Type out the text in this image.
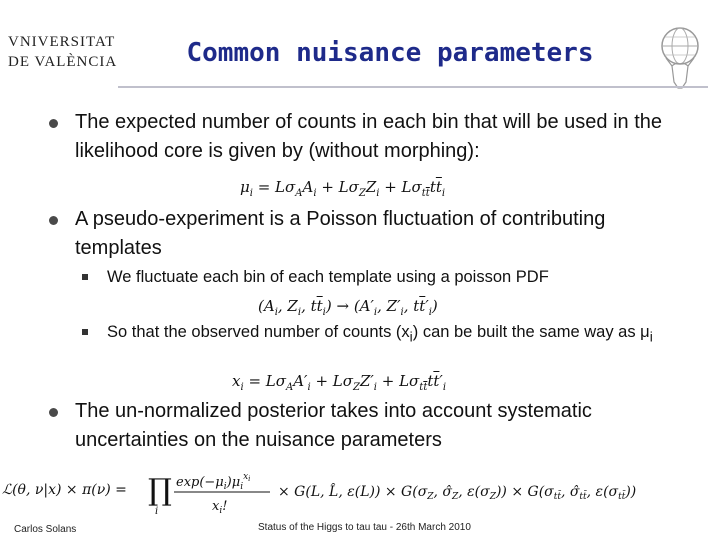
VNIVERSITAT
DE VALÈNCIA	Common nuisance parameters
The expected number of counts in each bin that will be used in the likelihood core is given by (without morphing):
$\mu_i = L\sigma_AA_i + L\sigma_ZZ_i + L\sigma_{t\overline{t}}t\overline{t}_i$
A pseudo-experiment is a Poisson fluctuation of contributing templates
We fluctuate each bin of each template using a poisson PDF
($A_i$, $Z_i$, $t\overline{t}_i) \to (A'_i$, $Z'_i$, $t\overline{t}'_i$)
So that the observed number of counts $(x_i)$ can be built the same way as $\mu_i$
$x_i = L\sigma_AA'_i + L\sigma_ZZ'_i + L\sigma_{t\overline{t}}t\overline{t}'_i$
The un-normalized posterior takes into account systematic uncertainties on the nuisance parameters
ℒ(θ, ν|x) × π(ν) = ∏
i
$\exp(-\mu_i)\mu_i^xi$
$x_i$!
× G(L, L̂, $\varepsilon(L)) \times G(\sigma_Z$, $\sigmâ_Z$, $\varepsilon(\sigma_Z)) \times G(\sigma_{tt̄}$, $\sigmâ_{tt̄}$, $\varepsilon(\sigma_{tt̄})$)
Carlos Solans	Status of the Higgs to tau tau - 26th March 2010
